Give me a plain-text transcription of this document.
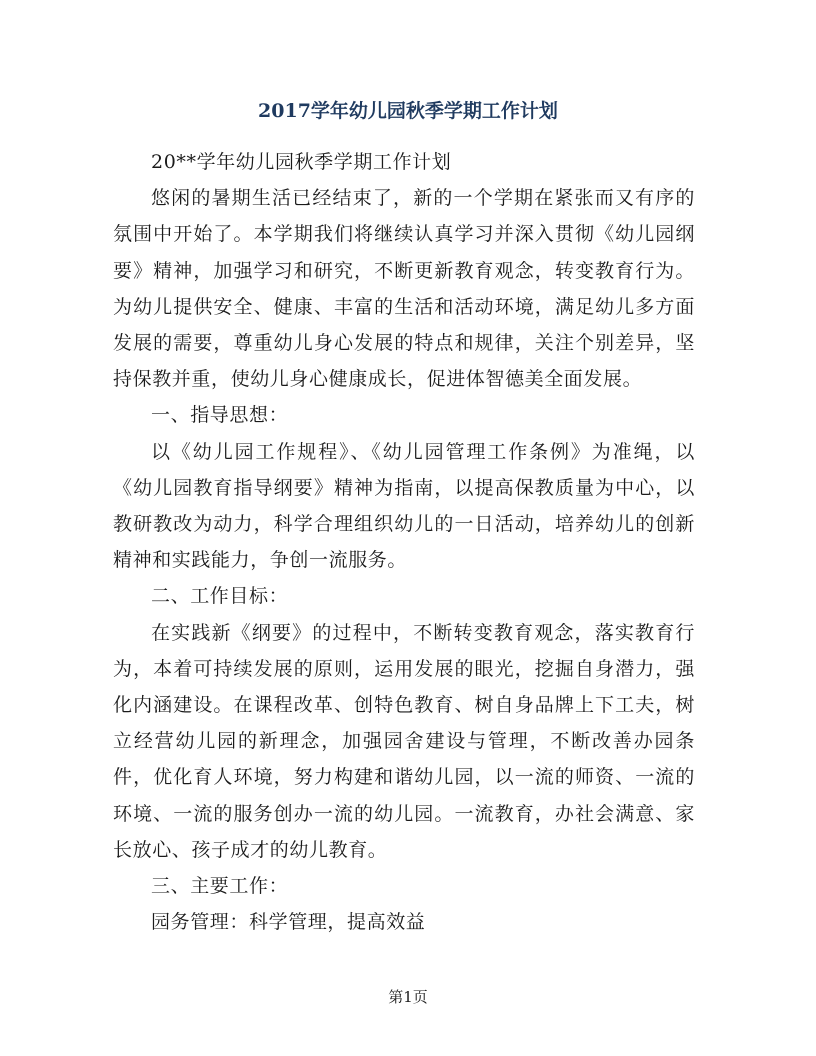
2017学年幼儿园秋季学期工作计划

20**学年幼儿园秋季学期工作计划

悠闲的暑期生活已经结束了，新的一个学期在紧张而又有序的氛围中开始了。本学期我们将继续认真学习并深入贯彻《幼儿园纲要》精神，加强学习和研究，不断更新教育观念，转变教育行为。为幼儿提供安全、健康、丰富的生活和活动环境，满足幼儿多方面发展的需要，尊重幼儿身心发展的特点和规律，关注个别差异，坚持保教并重，使幼儿身心健康成长，促进体智德美全面发展。

一、指导思想：

以《幼儿园工作规程》、《幼儿园管理工作条例》为准绳，以《幼儿园教育指导纲要》精神为指南，以提高保教质量为中心，以教研教改为动力，科学合理组织幼儿的一日活动，培养幼儿的创新精神和实践能力，争创一流服务。

二、工作目标：

在实践新《纲要》的过程中，不断转变教育观念，落实教育行为，本着可持续发展的原则，运用发展的眼光，挖掘自身潜力，强化内涵建设。在课程改革、创特色教育、树自身品牌上下工夫，树立经营幼儿园的新理念，加强园舍建设与管理，不断改善办园条件，优化育人环境，努力构建和谐幼儿园，以一流的师资、一流的环境、一流的服务创办一流的幼儿园。一流教育，办社会满意、家长放心、孩子成才的幼儿教育。

三、主要工作：

园务管理：科学管理，提高效益

第1页
